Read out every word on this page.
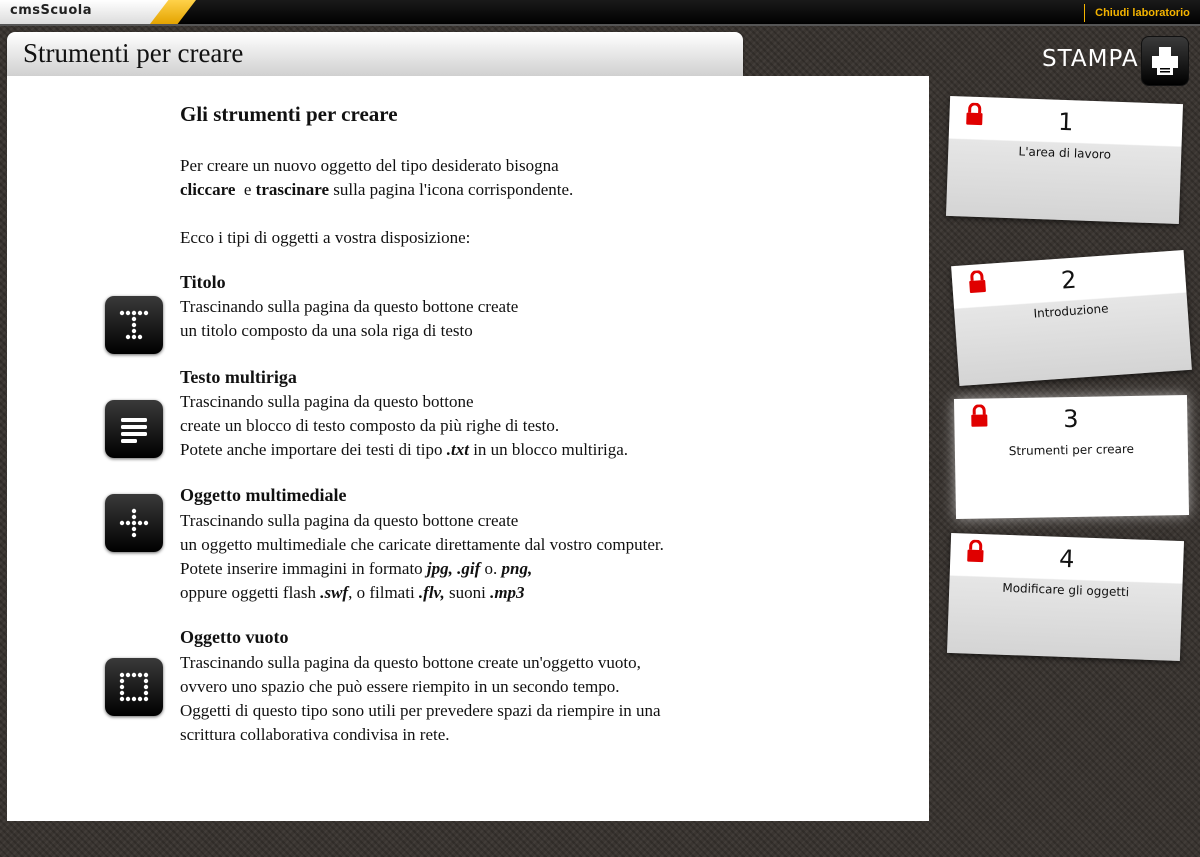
cmsScuola	Chiudi laboratorio
Strumenti per creare
Gli strumenti per creare

Per creare un nuovo oggetto del tipo desiderato bisogna
cliccare e trascinare sulla pagina l'icona corrispondente.

Ecco i tipi di oggetti a vostra disposizione:

Titolo

Trascinando sulla pagina da questo bottone create
un titolo composto da una sola riga di testo

Testo multiriga

Trascinando sulla pagina da questo bottone
create un blocco di testo composto da più righe di testo.
Potete anche importare dei testi di tipo .txt in un blocco multiriga.

Oggetto multimediale

Trascinando sulla pagina da questo bottone create
un oggetto multimediale che caricate direttamente dal vostro computer.
Potete inserire immagini in formato jpg, .gif o. png,
oppure oggetti flash .swf, o filmati .flv, suoni .mp3

Oggetto vuoto

Trascinando sulla pagina da questo bottone create un'oggetto vuoto,
ovvero uno spazio che può essere riempito in un secondo tempo.
Oggetti di questo tipo sono utili per prevedere spazi da riempire in una
scrittura collaborativa condivisa in rete.

STAMPA
1
L'area di lavoro
2
Introduzione
3
Strumenti per creare
4
Modificare gli oggetti
